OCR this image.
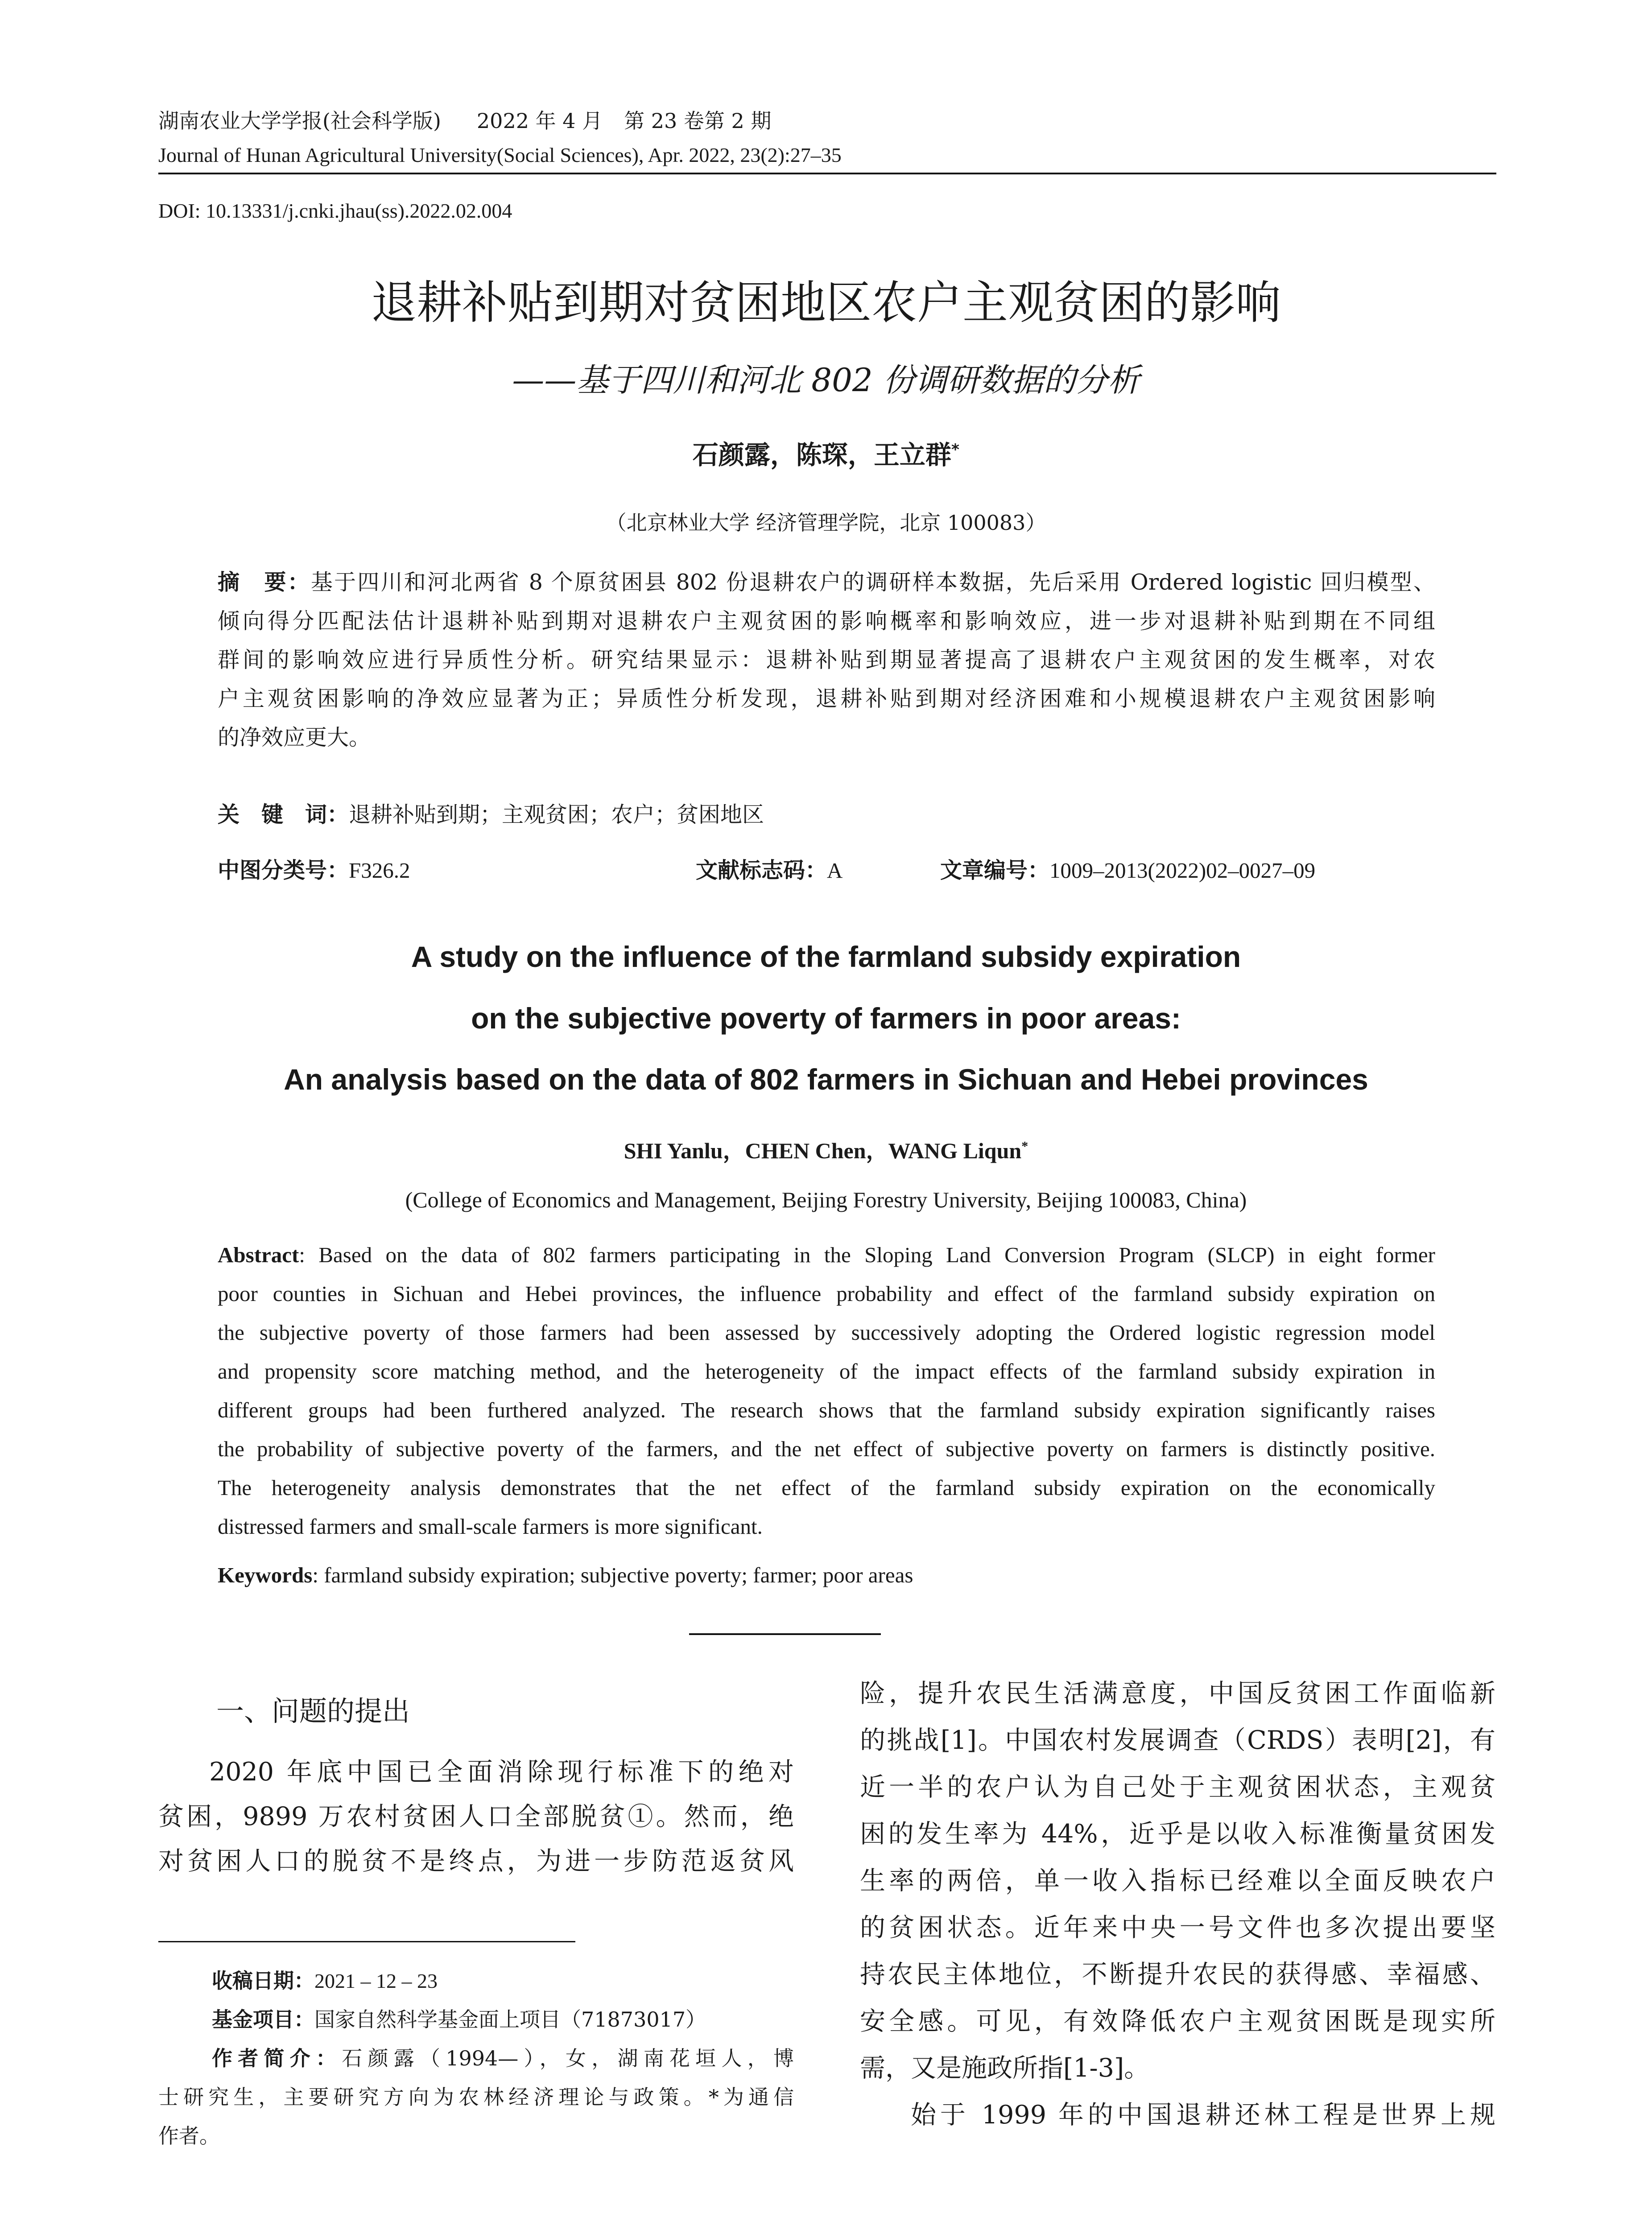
湖南农业大学学报(社会科学版) 2022 年 4 月 第 23 卷第 2 期
Journal of Hunan Agricultural University(Social Sciences), Apr. 2022, 23(2):27–35
DOI: 10.13331/j.cnki.jhau(ss).2022.02.004
退耕补贴到期对贫困地区农户主观贫困的影响
——基于四川和河北 802 份调研数据的分析
石颜露，陈琛，王立群*
（北京林业大学 经济管理学院，北京 100083）
摘　要：基于四川和河北两省 8 个原贫困县 802 份退耕农户的调研样本数据，先后采用 Ordered logistic 回归模型、
倾向得分匹配法估计退耕补贴到期对退耕农户主观贫困的影响概率和影响效应，进一步对退耕补贴到期在不同组
群间的影响效应进行异质性分析。研究结果显示：退耕补贴到期显著提高了退耕农户主观贫困的发生概率，对农
户主观贫困影响的净效应显著为正；异质性分析发现，退耕补贴到期对经济困难和小规模退耕农户主观贫困影响
的净效应更大。
关　键　词：退耕补贴到期；主观贫困；农户；贫困地区
中图分类号：F326.2	文献标志码：A	文章编号：1009–2013(2022)02–0027–09
A study on the influence of the farmland subsidy expiration
on the subjective poverty of farmers in poor areas:
An analysis based on the data of 802 farmers in Sichuan and Hebei provinces
SHI Yanlu，CHEN Chen，WANG Liqun*
(College of Economics and Management, Beijing Forestry University, Beijing 100083, China)
Abstract: Based on the data of 802 farmers participating in the Sloping Land Conversion Program (SLCP) in eight former
poor counties in Sichuan and Hebei provinces, the influence probability and effect of the farmland subsidy expiration on
the subjective poverty of those farmers had been assessed by successively adopting the Ordered logistic regression model
and propensity score matching method, and the heterogeneity of the impact effects of the farmland subsidy expiration in
different groups had been furthered analyzed. The research shows that the farmland subsidy expiration significantly raises
the probability of subjective poverty of the farmers, and the net effect of subjective poverty on farmers is distinctly positive.
The heterogeneity analysis demonstrates that the net effect of the farmland subsidy expiration on the economically
distressed farmers and small-scale farmers is more significant.
Keywords: farmland subsidy expiration; subjective poverty; farmer; poor areas
一、问题的提出
2020 年底中国已全面消除现行标准下的绝对
贫困，9899 万农村贫困人口全部脱贫①。然而，绝
对贫困人口的脱贫不是终点，为进一步防范返贫风
收稿日期：2021 – 12 – 23
基金项目：国家自然科学基金面上项目（71873017）
作者简介：石颜露（1994—），女，湖南花垣人，博
士研究生，主要研究方向为农林经济理论与政策。*为通信
作者。
险，提升农民生活满意度，中国反贫困工作面临新
的挑战[1]。中国农村发展调查（CRDS）表明[2]，有
近一半的农户认为自己处于主观贫困状态，主观贫
困的发生率为 44%，近乎是以收入标准衡量贫困发
生率的两倍，单一收入指标已经难以全面反映农户
的贫困状态。近年来中央一号文件也多次提出要坚
持农民主体地位，不断提升农民的获得感、幸福感、
安全感。可见，有效降低农户主观贫困既是现实所
需，又是施政所指[1-3]。
始于 1999 年的中国退耕还林工程是世界上规
